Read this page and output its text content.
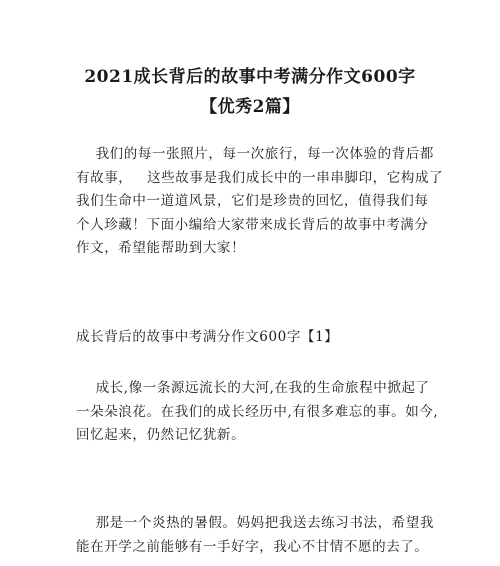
2021成长背后的故事中考满分作文600字
【优秀2篇】
我们的每一张照片，每一次旅行，每一次体验的背后都
有故事，   这些故事是我们成长中的一串串脚印，它构成了
我们生命中一道道风景，它们是珍贵的回忆，值得我们每
个人珍藏！下面小编给大家带来成长背后的故事中考满分
作文，希望能帮助到大家！
成长背后的故事中考满分作文600字【1】
成长,像一条源远流长的大河,在我的生命旅程中掀起了
一朵朵浪花。在我们的成长经历中,有很多难忘的事。如今,
回忆起来，仍然记忆犹新。
那是一个炎热的暑假。妈妈把我送去练习书法，希望我
能在开学之前能够有一手好字，我心不甘情不愿的去了。
